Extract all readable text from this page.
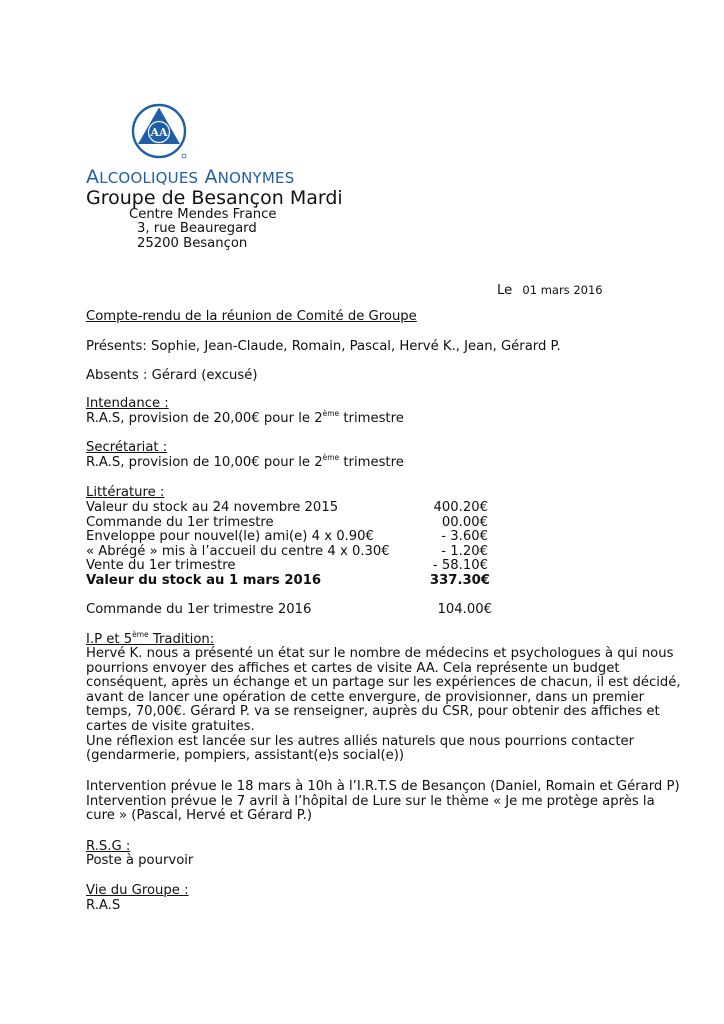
AA
ALCOOLIQUES ANONYMES
Groupe de Besançon Mardi
Centre Mendes France
3, rue Beauregard
25200 Besançon
Le 01 mars 2016
Compte-rendu de la réunion de Comité de Groupe
Présents: Sophie, Jean-Claude, Romain, Pascal, Hervé K., Jean, Gérard P.
Absents : Gérard (excusé)
Intendance :
R.A.S, provision de 20,00€ pour le 2ème trimestre
Secrétariat :
R.A.S, provision de 10,00€ pour le 2ème trimestre
Littérature :
Valeur du stock au 24 novembre 2015	400.20€
Commande du 1er trimestre	00.00€
Enveloppe pour nouvel(le) ami(e) 4 x 0.90€	- 3.60€
« Abrégé » mis à l’accueil du centre 4 x 0.30€	- 1.20€
Vente du 1er trimestre	- 58.10€
Valeur du stock au 1 mars 2016	337.30€
Commande du 1er trimestre 2016	104.00€
I.P et 5ème Tradition:
Hervé K. nous a présenté un état sur le nombre de médecins et psychologues à qui nous
pourrions envoyer des affiches et cartes de visite AA. Cela représente un budget
conséquent, après un échange et un partage sur les expériences de chacun, il est décidé,
avant de lancer une opération de cette envergure, de provisionner, dans un premier
temps, 70,00€. Gérard P. va se renseigner, auprès du CSR, pour obtenir des affiches et
cartes de visite gratuites.
Une réflexion est lancée sur les autres alliés naturels que nous pourrions contacter
(gendarmerie, pompiers, assistant(e)s social(e))
Intervention prévue le 18 mars à 10h à l’I.R.T.S de Besançon (Daniel, Romain et Gérard P)
Intervention prévue le 7 avril à l’hôpital de Lure sur le thème « Je me protège après la
cure » (Pascal, Hervé et Gérard P.)
R.S.G :
Poste à pourvoir
Vie du Groupe :
R.A.S
